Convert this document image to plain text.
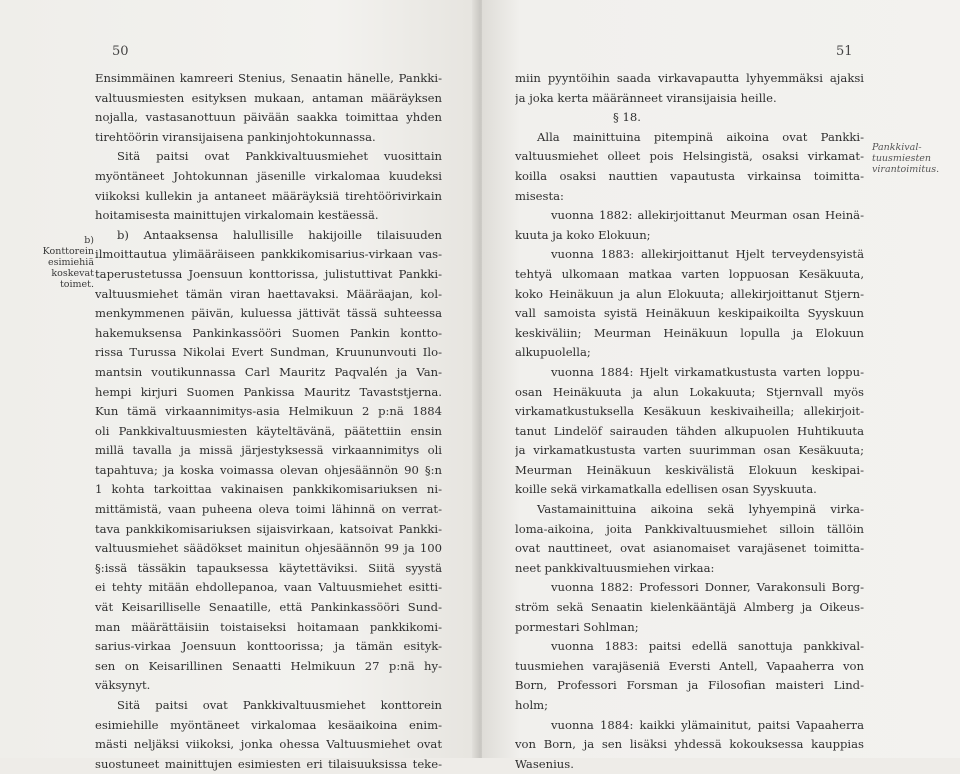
50
b) Konttorein esimiehiä koskevat toimet.
Ensimmäinen kamreeri Stenius, Senaatin hänelle, Pankki-
valtuusmiesten esityksen mukaan, antaman määräyksen
nojalla, vastasanottuun päivään saakka toimittaa yhden
tirehtöörin viransijaisena pankinjohtokunnassa.
Sitä paitsi ovat Pankkivaltuusmiehet vuosittain
myöntäneet Johtokunnan jäsenille virkalomaa kuudeksi
viikoksi kullekin ja antaneet määräyksiä tirehtöörivirkain
hoitamisesta mainittujen virkalomain kestäessä.
b) Antaaksensa halullisille hakijoille tilaisuuden
ilmoittautua ylimääräiseen pankkikomisarius-virkaan vas-
taperustetussa Joensuun konttorissa, julistuttivat Pankki-
valtuusmiehet tämän viran haettavaksi. Määräajan, kol-
menkymmenen päivän, kuluessa jättivät tässä suhteessa
hakemuksensa Pankinkassööri Suomen Pankin kontto-
rissa Turussa Nikolai Evert Sundman, Kruununvouti Ilo-
mantsin voutikunnassa Carl Mauritz Paqvalén ja Van-
hempi kirjuri Suomen Pankissa Mauritz Tavaststjerna.
Kun tämä virkaannimitys-asia Helmikuun 2 p:nä 1884
oli Pankkivaltuusmiesten käyteltävänä, päätettiin ensin
millä tavalla ja missä järjestyksessä virkaannimitys oli
tapahtuva; ja koska voimassa olevan ohjesäännön 90 §:n
1 kohta tarkoittaa vakinaisen pankkikomisariuksen ni-
mittämistä, vaan puheena oleva toimi lähinnä on verrat-
tava pankkikomisariuksen sijaisvirkaan, katsoivat Pankki-
valtuusmiehet säädökset mainitun ohjesäännön 99 ja 100
§:issä tässäkin tapauksessa käytettäviksi. Siitä syystä
ei tehty mitään ehdollepanoa, vaan Valtuusmiehet esitti-
vät Keisarilliselle Senaatille, että Pankinkassööri Sund-
man määrättäisiin toistaiseksi hoitamaan pankkikomi-
sarius-virkaa Joensuun konttoorissa; ja tämän esityk-
sen on Keisarillinen Senaatti Helmikuun 27 p:nä hy-
väksynyt.
Sitä paitsi ovat Pankkivaltuusmiehet konttorein
esimiehille myöntäneet virkalomaa kesäaikoina enim-
mästi neljäksi viikoksi, jonka ohessa Valtuusmiehet ovat
suostuneet mainittujen esimiesten eri tilaisuuksissa teke-
51
Pankkival-tuusmiesten virantoimitus.
miin pyyntöihin saada virkavapautta lyhyemmäksi ajaksi
ja joka kerta määränneet viransijaisia heille.
§ 18.
Alla mainittuina pitempinä aikoina ovat Pankki-
valtuusmiehet olleet pois Helsingistä, osaksi virkamat-
koilla osaksi nauttien vapautusta virkainsa toimitta-
misesta:
vuonna 1882: allekirjoittanut Meurman osan Heinä-
kuuta ja koko Elokuun;
vuonna 1883: allekirjoittanut Hjelt terveydensyistä
tehtyä ulkomaan matkaa varten loppuosan Kesäkuuta,
koko Heinäkuun ja alun Elokuuta; allekirjoittanut Stjern-
vall samoista syistä Heinäkuun keskipaikoilta Syyskuun
keskiväliin; Meurman Heinäkuun lopulla ja Elokuun
alkupuolella;
vuonna 1884: Hjelt virkamatkustusta varten loppu-
osan Heinäkuuta ja alun Lokakuuta; Stjernvall myös
virkamatkustuksella Kesäkuun keskivaiheilla; allekirjoit-
tanut Lindelöf sairauden tähden alkupuolen Huhtikuuta
ja virkamatkustusta varten suurimman osan Kesäkuuta;
Meurman Heinäkuun keskivälistä Elokuun keskipai-
koille sekä virkamatkalla edellisen osan Syyskuuta.
Vastamainittuina aikoina sekä lyhyempinä virka-
loma-aikoina, joita Pankkivaltuusmiehet silloin tällöin
ovat nauttineet, ovat asianomaiset varajäsenet toimitta-
neet pankkivaltuusmiehen virkaa:
vuonna 1882: Professori Donner, Varakonsuli Borg-
ström sekä Senaatin kielenkääntäjä Almberg ja Oikeus-
pormestari Sohlman;
vuonna 1883: paitsi edellä sanottuja pankkival-
tuusmiehen varajäseniä Eversti Antell, Vapaaherra von
Born, Professori Forsman ja Filosofian maisteri Lind-
holm;
vuonna 1884: kaikki ylämainitut, paitsi Vapaaherra
von Born, ja sen lisäksi yhdessä kokouksessa kauppias
Wasenius.
